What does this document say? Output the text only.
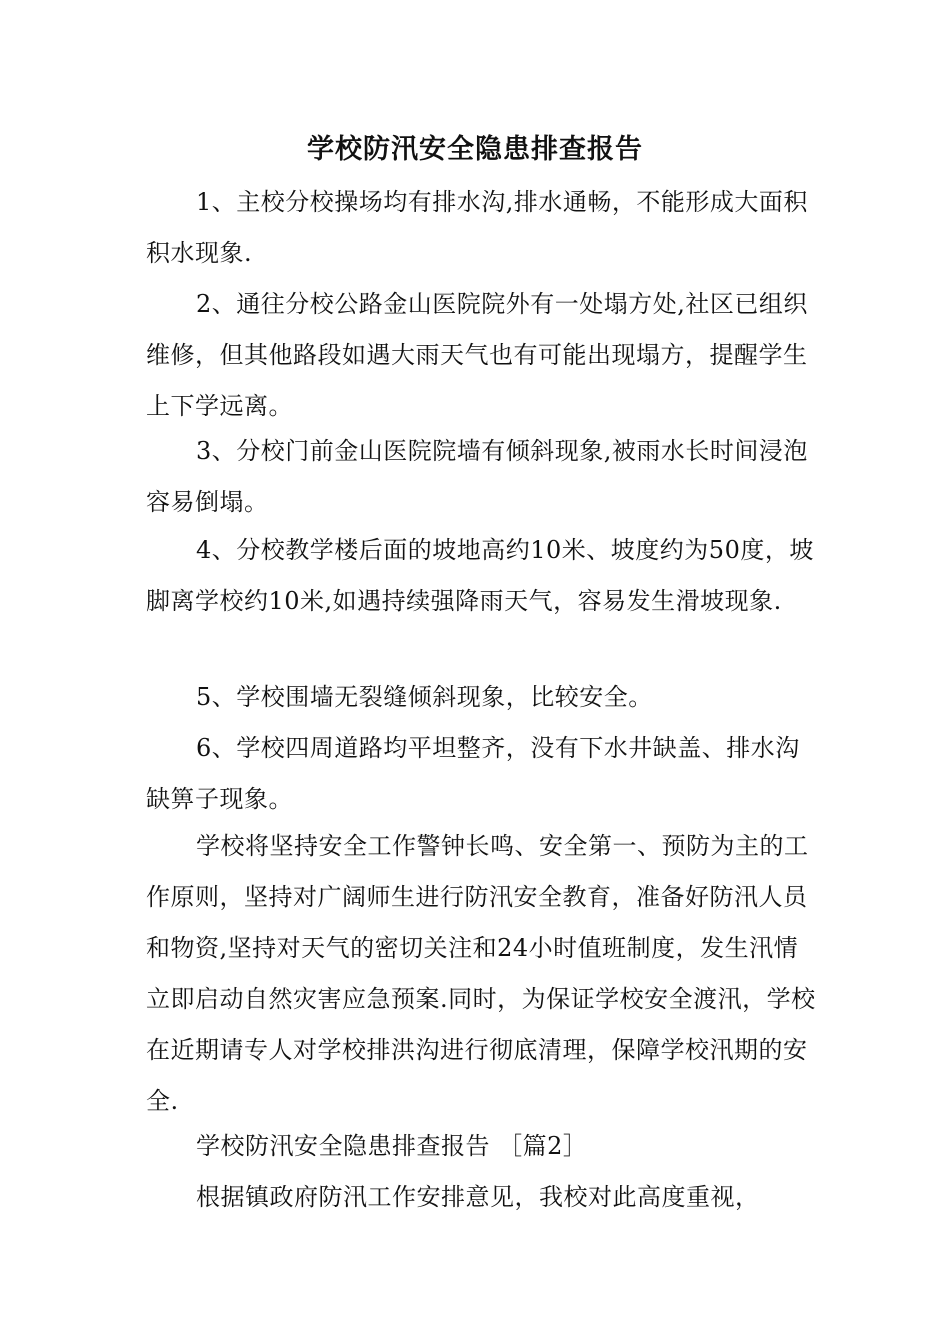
学校防汛安全隐患排查报告
1、主校分校操场均有排水沟,排水通畅，不能形成大面积积水现象.
2、通往分校公路金山医院院外有一处塌方处,社区已组织维修，但其他路段如遇大雨天气也有可能出现塌方，提醒学生上下学远离。
3、分校门前金山医院院墙有倾斜现象,被雨水长时间浸泡容易倒塌。
4、分校教学楼后面的坡地高约10米、坡度约为50度，坡脚离学校约10米,如遇持续强降雨天气，容易发生滑坡现象.
5、学校围墙无裂缝倾斜现象，比较安全。
6、学校四周道路均平坦整齐，没有下水井缺盖、排水沟缺箅子现象。
学校将坚持安全工作警钟长鸣、安全第一、预防为主的工作原则，坚持对广阔师生进行防汛安全教育，准备好防汛人员和物资,坚持对天气的密切关注和24小时值班制度，发生汛情立即启动自然灾害应急预案.同时，为保证学校安全渡汛，学校在近期请专人对学校排洪沟进行彻底清理，保障学校汛期的安全.
学校防汛安全隐患排查报告 ［篇2］
根据镇政府防汛工作安排意见，我校对此高度重视，
